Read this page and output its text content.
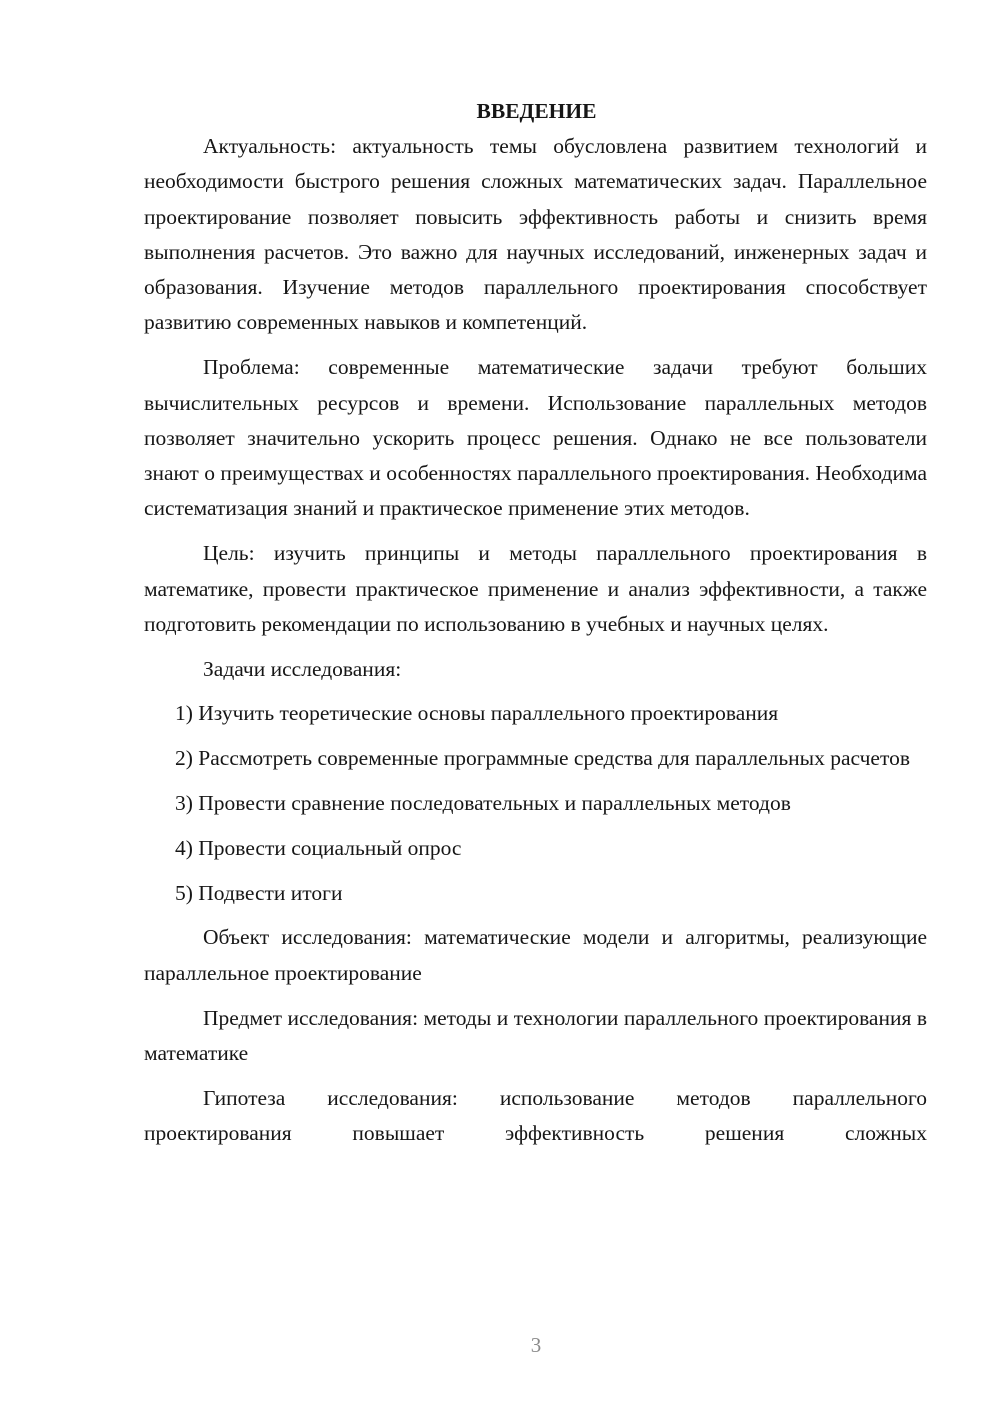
ВВЕДЕНИЕ

Актуальность: актуальность темы обусловлена развитием технологий и необходимости быстрого решения сложных математических задач. Параллельное проектирование позволяет повысить эффективность работы и снизить время выполнения расчетов. Это важно для научных исследований, инженерных задач и образования. Изучение методов параллельного проектирования способствует развитию современных навыков и компетенций.

Проблема: современные математические задачи требуют больших вычислительных ресурсов и времени. Использование параллельных методов позволяет значительно ускорить процесс решения. Однако не все пользователи знают о преимуществах и особенностях параллельного проектирования. Необходима систематизация знаний и практическое применение этих методов.

Цель: изучить принципы и методы параллельного проектирования в математике, провести практическое применение и анализ эффективности, а также подготовить рекомендации по использованию в учебных и научных целях.

Задачи исследования:

1) Изучить теоретические основы параллельного проектирования

2) Рассмотреть современные программные средства для параллельных расчетов

3) Провести сравнение последовательных и параллельных методов

4) Провести социальный опрос

5) Подвести итоги

Объект исследования: математические модели и алгоритмы, реализующие параллельное проектирование

Предмет исследования: методы и технологии параллельного проектирования в математике

Гипотеза исследования: использование методов параллельного проектирования повышает эффективность решения сложных

3
